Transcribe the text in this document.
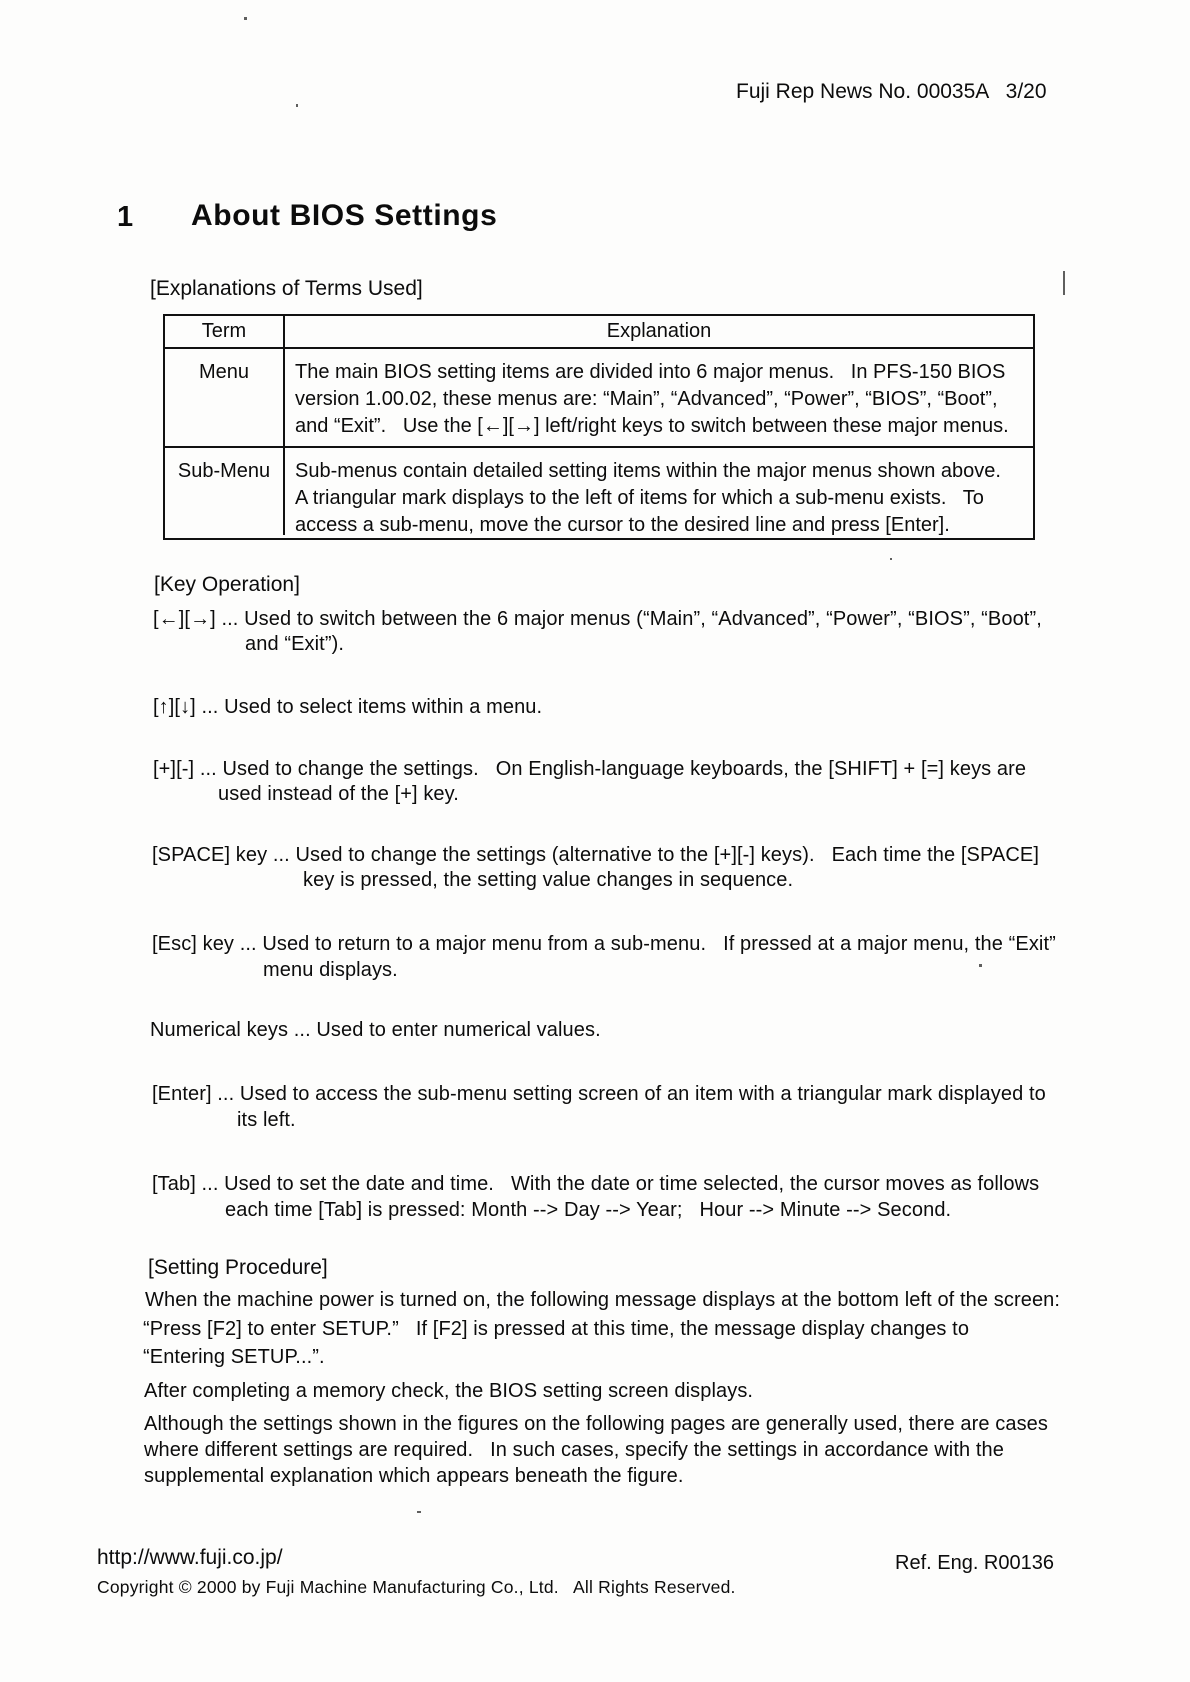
Fuji Rep News No. 00035A 3/20
1 About BIOS Settings
[Explanations of Terms Used]
Term	Explanation
Menu	The main BIOS setting items are divided into 6 major menus.   In PFS-150 BIOS
version 1.00.02, these menus are: “Main”, “Advanced”, “Power”, “BIOS”, “Boot”,
and “Exit”.   Use the [←][→] left/right keys to switch between these major menus.
Sub-Menu	Sub-menus contain detailed setting items within the major menus shown above.
A triangular mark displays to the left of items for which a sub-menu exists.   To
access a sub-menu, move the cursor to the desired line and press [Enter].
[Key Operation]
[←][→] ... Used to switch between the 6 major menus (“Main”, “Advanced”, “Power”, “BIOS”, “Boot”,
and “Exit”).
[↑][↓] ... Used to select items within a menu.
[+][-] ... Used to change the settings.   On English-language keyboards, the [SHIFT] + [=] keys are
used instead of the [+] key.
[SPACE] key ... Used to change the settings (alternative to the [+][-] keys).   Each time the [SPACE]
key is pressed, the setting value changes in sequence.
[Esc] key ... Used to return to a major menu from a sub-menu.   If pressed at a major menu, the “Exit”
menu displays.
Numerical keys ... Used to enter numerical values.
[Enter] ... Used to access the sub-menu setting screen of an item with a triangular mark displayed to
its left.
[Tab] ... Used to set the date and time.   With the date or time selected, the cursor moves as follows
each time [Tab] is pressed: Month --> Day --> Year;   Hour --> Minute --> Second.
[Setting Procedure]
When the machine power is turned on, the following message displays at the bottom left of the screen:
“Press [F2] to enter SETUP.”   If [F2] is pressed at this time, the message display changes to
“Entering SETUP...”.
After completing a memory check, the BIOS setting screen displays.
Although the settings shown in the figures on the following pages are generally used, there are cases
where different settings are required.   In such cases, specify the settings in accordance with the
supplemental explanation which appears beneath the figure.
http://www.fuji.co.jp/
Copyright © 2000 by Fuji Machine Manufacturing Co., Ltd.   All Rights Reserved.
Ref. Eng. R00136
